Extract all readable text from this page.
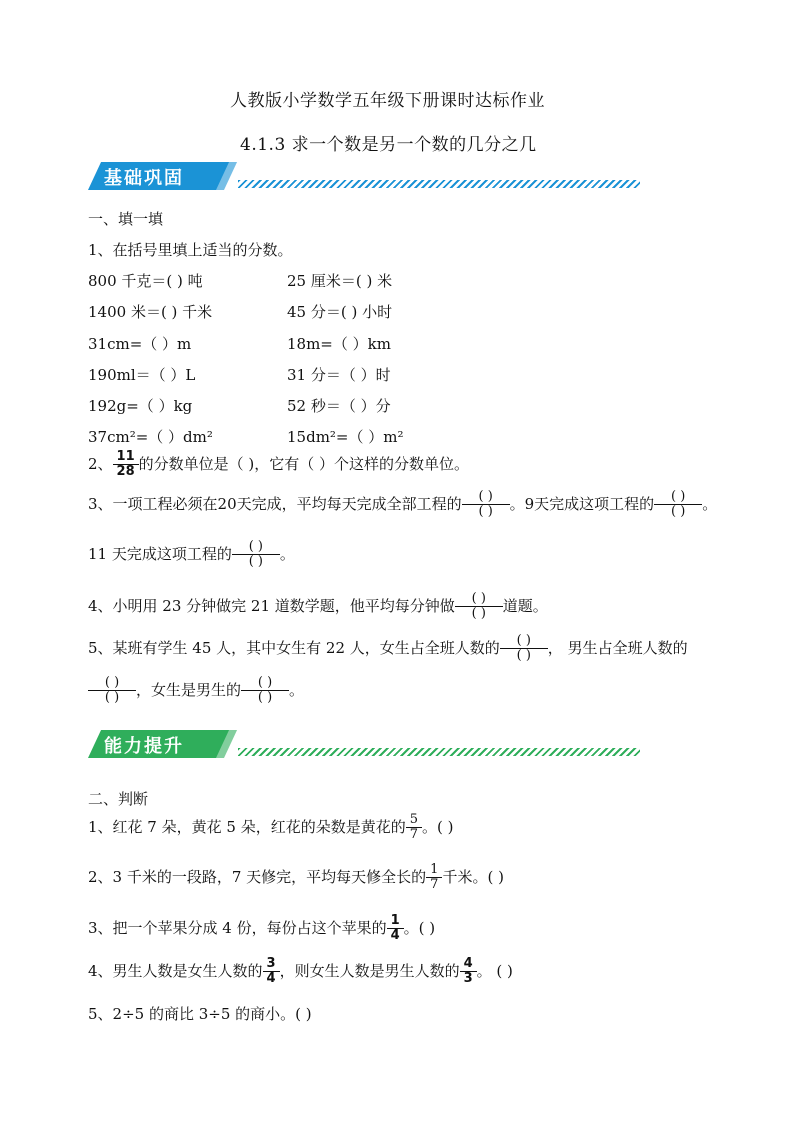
人教版小学数学五年级下册课时达标作业
4.1.3 求一个数是另一个数的几分之几
基础巩固
一、填一填
1、在括号里填上适当的分数。
800 千克＝( ) 吨	25 厘米＝( ) 米
1400 米＝( ) 千米	45 分＝( ) 小时
31cm=（ ）m	18m=（ ）km
190ml＝（ ）L	31 分＝（ ）时
192g=（ ）kg	52 秒＝（ ）分
37cm²=（ ）dm²	15dm²=（ ）m²
2、 $\frac{11}{28}$ 的分数单位是（ )，它有（ ）个这样的分数单位。
3、一项工程必须在20天完成，平均每天完成全部工程的 $\frac{( )}{( )}$ 。9天完成这项工程的 $\frac{( )}{( )}$ 。
11 天完成这项工程的 $\frac{( )}{( )}$ 。
4、小明用 23 分钟做完 21 道数学题，他平均每分钟做 $\frac{( )}{( )}$ 道题。
5、某班有学生 45 人，其中女生有 22 人，女生占全班人数的 $\frac{( )}{( )}$ ， 男生占全班人数的
$\frac{( )}{( )}$ ，女生是男生的 $\frac{( )}{( )}$ 。
能力提升
二、判断
1、红花 7 朵，黄花 5 朵，红花的朵数是黄花的 $\frac{5}{7}$ 。( )
2、3 千米的一段路，7 天修完，平均每天修全长的 $\frac{1}{7}$ 千米。( )
3、把一个苹果分成 4 份，每份占这个苹果的 $\frac{1}{4}$ 。( )
4、男生人数是女生人数的 $\frac{3}{4}$ ，则女生人数是男生人数的 $\frac{4}{3}$ 。 ( )
5、2÷5 的商比 3÷5 的商小。( )
